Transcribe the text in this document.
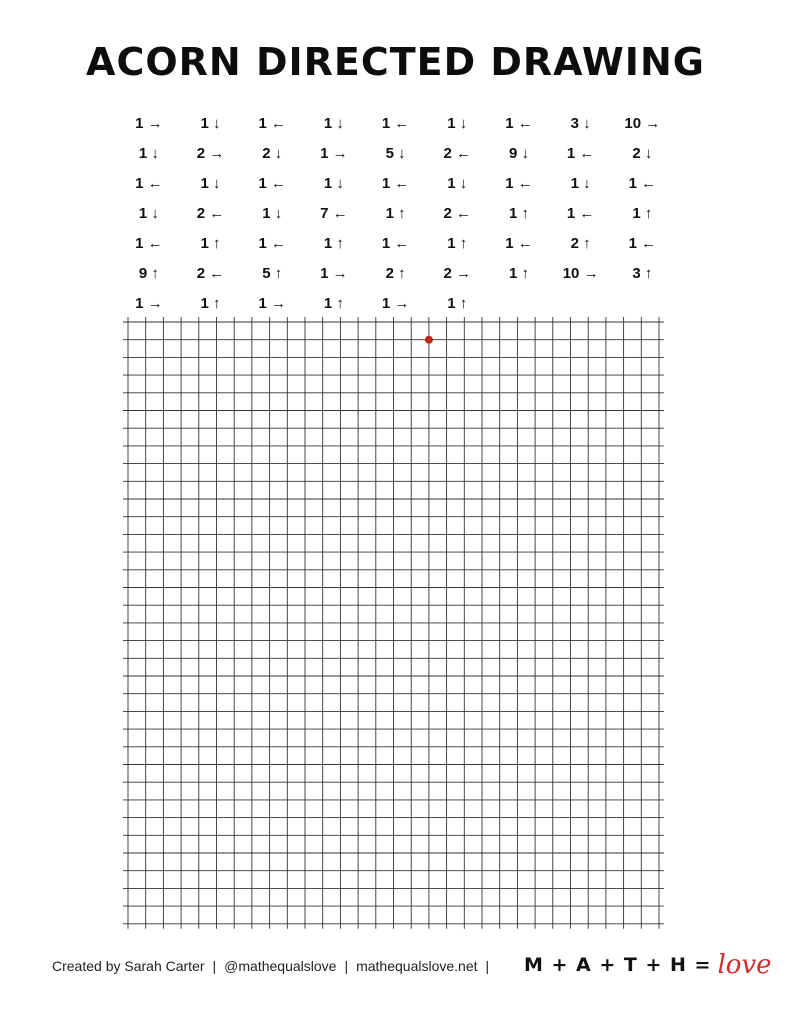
ACORN DIRECTED DRAWING
1 →	1 ↓	1 ←	1 ↓	1 ←	1 ↓	1 ←	3 ↓	10 →
1 ↓	2 →	2 ↓	1 →	5 ↓	2 ←	9 ↓	1 ←	2 ↓
1 ←	1 ↓	1 ←	1 ↓	1 ←	1 ↓	1 ←	1 ↓	1 ←
1 ↓	2 ←	1 ↓	7 ←	1 ↑	2 ←	1 ↑	1 ←	1 ↑
1 ←	1 ↑	1 ←	1 ↑	1 ←	1 ↑	1 ←	2 ↑	1 ←
9 ↑	2 ←	5 ↑	1 →	2 ↑	2 →	1 ↑	10 →	3 ↑
1 →	1 ↑	1 →	1 ↑	1 →	1 ↑
Created by Sarah Carter | @mathequalslove | mathequalslove.net | M + A + T + H = love
